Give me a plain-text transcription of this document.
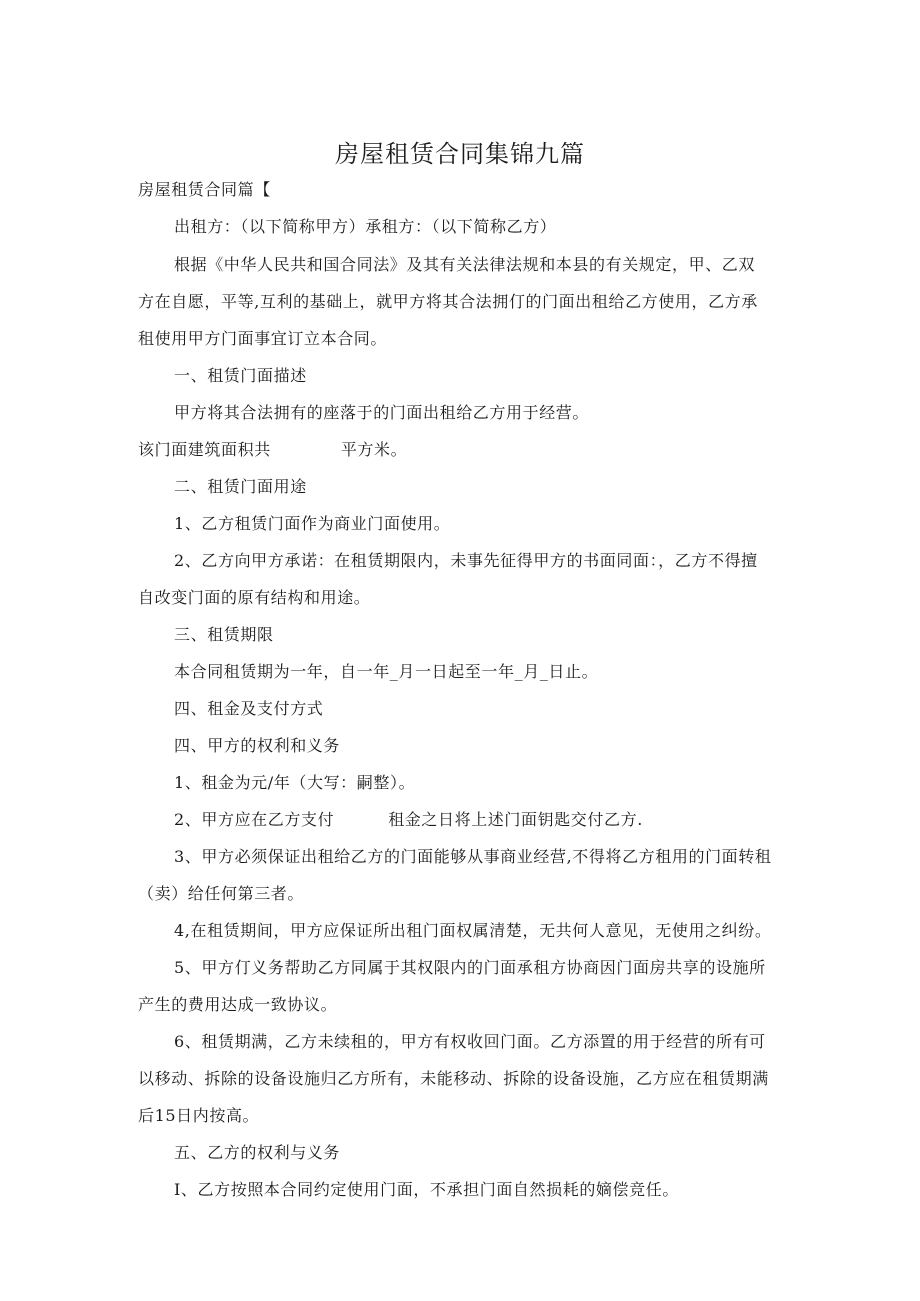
房屋租赁合同集锦九篇
房屋租赁合同篇【
出租方：（以下简称甲方）承租方：（以下简称乙方）
根据《中华人民共和国合同法》及其有关法律法规和本县的有关规定，甲、乙双
方在自愿，平等,互利的基础上，就甲方将其合法拥仃的门面出租给乙方使用，乙方承
租使用甲方门面事宜订立本合同。
一、租赁门面描述
甲方将其合法拥有的座落于的门面出租给乙方用于经营。
该门面建筑面积共	平方米。
二、租赁门面用途
1、乙方租赁门面作为商业门面使用。
2、乙方向甲方承诺：在租赁期限内，未事先征得甲方的书面同面：，乙方不得擅
自改变门面的原有结构和用途。
三、租赁期限
本合同租赁期为一年，自一年_月一日起至一年_月_日止。
四、租金及支付方式
四、甲方的权利和义务
1、租金为元/年（大写：嗣整）。
2、甲方应在乙方支付	租金之日将上述门面钥匙交付乙方.
3、甲方必须保证出租给乙方的门面能够从事商业经营,不得将乙方租用的门面转租
（卖）给任何第三者。
4,在租赁期间，甲方应保证所出租门面权属清楚，无共何人意见，无使用之纠纷。
5、甲方仃义务帮助乙方同属于其权限内的门面承租方协商因门面房共享的设施所
产生的费用达成一致协议。
6、租赁期满，乙方未续租的，甲方有权收回门面。乙方添置的用于经营的所有可
以移动、拆除的设备设施归乙方所有，未能移动、拆除的设备设施，乙方应在租赁期满
后15日内按高。
五、乙方的权利与义务
I、乙方按照本合同约定使用门面，不承担门面自然损耗的嫡偿竞任。
